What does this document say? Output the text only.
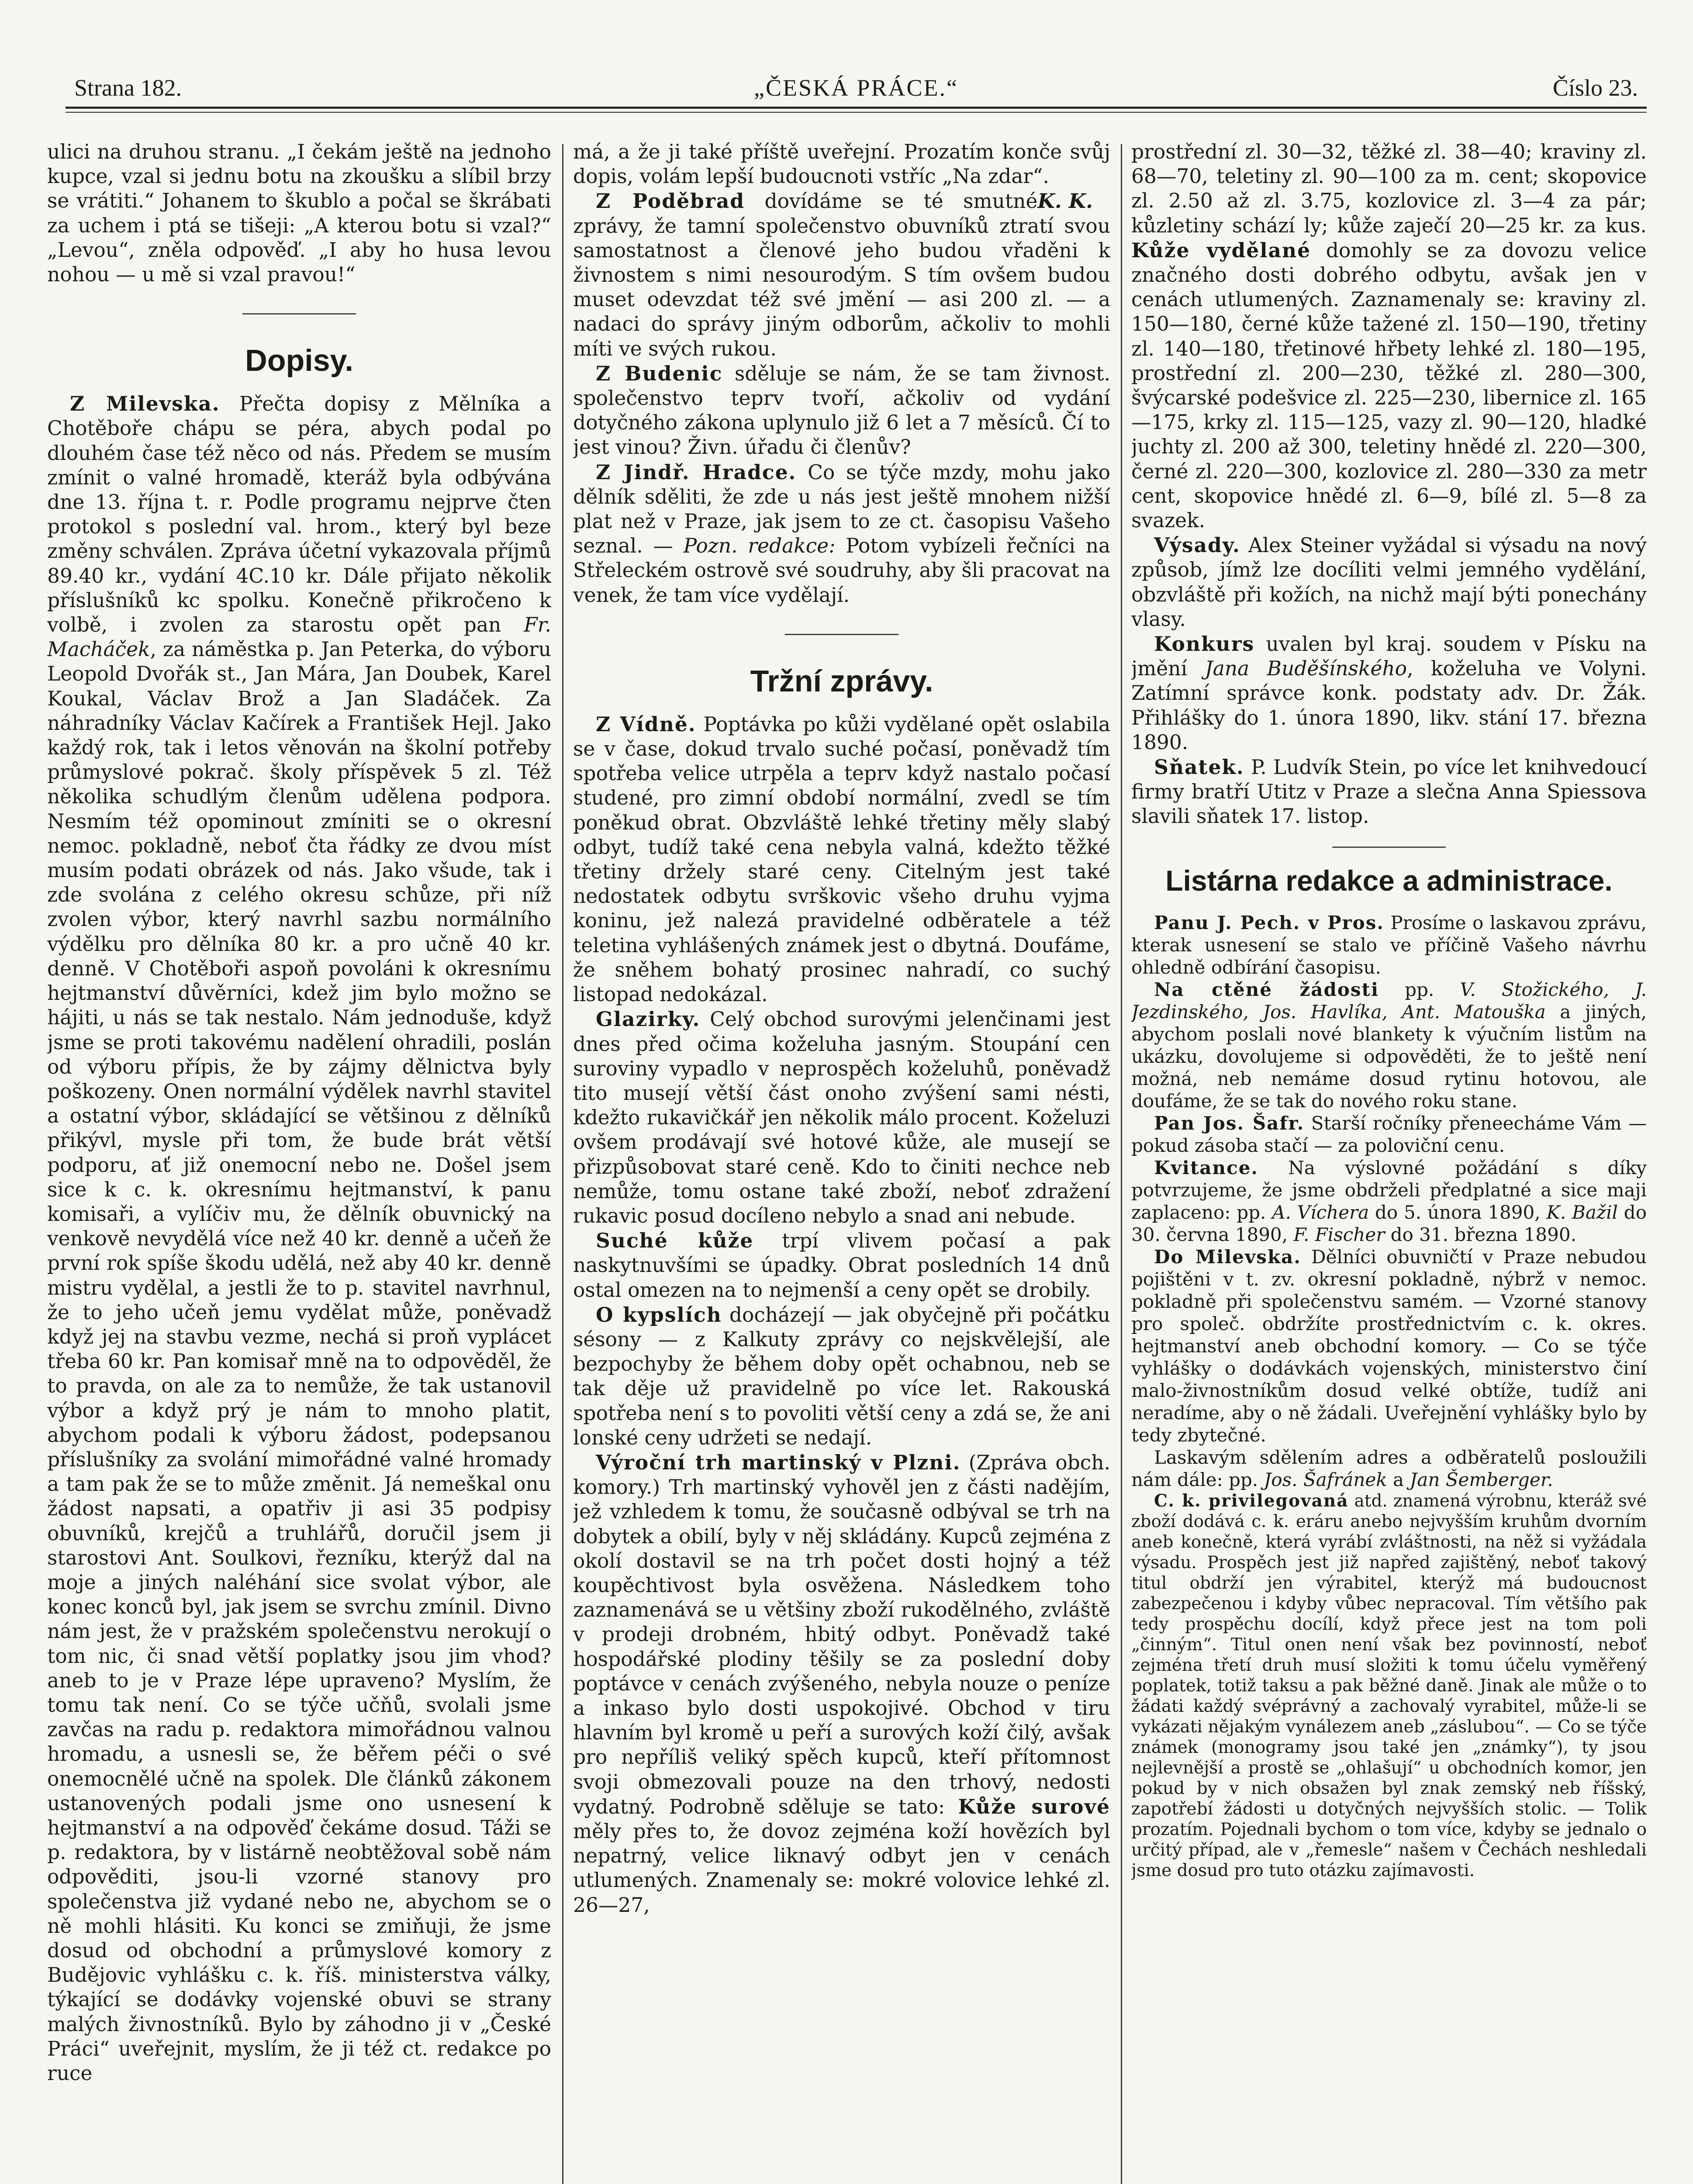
Strana 182.	„ČESKÁ PRÁCE.“	Číslo 23.

ulici na druhou stranu. „I čekám ještě na jednoho kupce, vzal si jednu botu na zkoušku a slíbil brzy se vrátiti.“ Johanem to škublo a počal se škrábati za uchem i ptá se tišeji: „A kterou botu si vzal?“ „Levou“, zněla odpověď. „I aby ho husa levou nohou — u mě si vzal pravou!“

Dopisy.

Z Milevska. Přečta dopisy z Mělníka a Chotěboře chápu se péra, abych podal po dlouhém čase též něco od nás. Předem se musím zmínit o valné hromadě, kteráž byla odbývána dne 13. října t. r. Podle programu nejprve čten protokol s poslední val. hrom., který byl beze změny schválen. Zpráva účetní vykazovala příjmů 89.40 kr., vydání 4C.10 kr. Dále přijato několik příslušníků kc spolku. Konečně přikročeno k volbě, i zvolen za starostu opět pan Fr. Macháček, za náměstka p. Jan Peterka, do výboru Leopold Dvořák st., Jan Mára, Jan Doubek, Karel Koukal, Václav Brož a Jan Sladáček. Za náhradníky Václav Kačírek a František Hejl. Jako každý rok, tak i letos věnován na školní potřeby průmyslové pokrač. školy příspěvek 5 zl. Též několika schudlým členům udělena podpora. Nesmím též opominout zmíniti se o okresní nemoc. pokladně, neboť čta řádky ze dvou míst musím podati obrázek od nás. Jako všude, tak i zde svolána z celého okresu schůze, při níž zvolen výbor, který navrhl sazbu normálního výdělku pro dělníka 80 kr. a pro učně 40 kr. denně. V Chotěboři aspoň povoláni k okresnímu hejtmanství důvěrníci, kdež jim bylo možno se hájiti, u nás se tak nestalo. Nám jednoduše, když jsme se proti takovému nadělení ohradili, poslán od výboru přípis, že by zájmy dělnictva byly poškozeny. Onen normální výdělek navrhl stavitel a ostatní výbor, skládající se většinou z dělníků přikývl, mysle při tom, že bude brát větší podporu, ať již onemocní nebo ne. Došel jsem sice k c. k. okresnímu hejtmanství, k panu komisaři, a vylíčiv mu, že dělník obuvnický na venkově nevydělá více než 40 kr. denně a učeň že první rok spíše škodu udělá, než aby 40 kr. denně mistru vydělal, a jestli že to p. stavitel navrhnul, že to jeho učeň jemu vydělat může, poněvadž když jej na stavbu vezme, nechá si proň vyplácet třeba 60 kr. Pan komisař mně na to odpověděl, že to pravda, on ale za to nemůže, že tak ustanovil výbor a když prý je nám to mnoho platit, abychom podali k výboru žádost, podepsanou příslušníky za svolání mimořádné valné hromady a tam pak že se to může změnit. Já nemeškal onu žádost napsati, a opatřiv ji asi 35 podpisy obuvníků, krejčů a truhlářů, doručil jsem ji starostovi Ant. Soulkovi, řezníku, kterýž dal na moje a jiných naléhání sice svolat výbor, ale konec konců byl, jak jsem se svrchu zmínil. Divno nám jest, že v pražském společenstvu nerokují o tom nic, či snad větší poplatky jsou jim vhod? aneb to je v Praze lépe upraveno? Myslím, že tomu tak není. Co se týče učňů, svolali jsme zavčas na radu p. redaktora mimořádnou valnou hromadu, a usnesli se, že běřem péči o své onemocnělé učně na spolek. Dle článků zákonem ustanovených podali jsme ono usnesení k hejtmanství a na odpověď čekáme dosud. Táži se p. redaktora, by v listárně neobtěžoval sobě nám odpověditi, jsou-li vzorné stanovy pro společenstva již vydané nebo ne, abychom se o ně mohli hlásiti. Ku konci se zmiňuji, že jsme dosud od obchodní a průmyslové komory z Budějovic vyhlášku c. k. říš. ministerstva války, týkající se dodávky vojenské obuvi se strany malých živnostníků. Bylo by záhodno ji v „České Práci“ uveřejnit, myslím, že ji též ct. redakce po ruce

má, a že ji také příště uveřejní. Prozatím konče svůj dopis, volám lepší budoucnoti vstříc „Na zdar“.
K. K.

Z Poděbrad dovídáme se té smutné zprávy, že tamní společenstvo obuvníků ztratí svou samostatnost a členové jeho budou vřaděni k živnostem s nimi nesourodým. S tím ovšem budou muset odevzdat též své jmění — asi 200 zl. — a nadaci do správy jiným odborům, ačkoliv to mohli míti ve svých rukou.

Z Budenic sděluje se nám, že se tam živnost. společenstvo teprv tvoří, ačkoliv od vydání dotyčného zákona uplynulo již 6 let a 7 měsíců. Čí to jest vinou? Živn. úřadu či členův?

Z Jindř. Hradce. Co se týče mzdy, mohu jako dělník sděliti, že zde u nás jest ještě mnohem nižší plat než v Praze, jak jsem to ze ct. časopisu Vašeho seznal. — Pozn. redakce: Potom vybízeli řečníci na Střeleckém ostrově své soudruhy, aby šli pracovat na venek, že tam více vydělají.

Tržní zprávy.

Z Vídně. Poptávka po kůži vydělané opět oslabila se v čase, dokud trvalo suché počasí, poněvadž tím spotřeba velice utrpěla a teprv když nastalo počasí studené, pro zimní období normální, zvedl se tím poněkud obrat. Obzvláště lehké třetiny měly slabý odbyt, tudíž také cena nebyla valná, kdežto těžké třetiny držely staré ceny. Citelným jest také nedostatek odbytu svrškovic všeho druhu vyjma koninu, jež nalezá pravidelné odběratele a též teletina vyhlášených známek jest o dbytná. Doufáme, že sněhem bohatý prosinec nahradí, co suchý listopad nedokázal.

Glazirky. Celý obchod surovými jelenčinami jest dnes před očima koželuha jasným. Stoupání cen suroviny vypadlo v neprospěch koželuhů, poněvadž tito musejí větší část onoho zvýšení sami nésti, kdežto rukavičkář jen několik málo procent. Koželuzi ovšem prodávají své hotové kůže, ale musejí se přizpůsobovat staré ceně. Kdo to činiti nechce neb nemůže, tomu ostane také zboží, neboť zdražení rukavic posud docíleno nebylo a snad ani nebude.

Suché kůže trpí vlivem počasí a pak naskytnuvšími se úpadky. Obrat posledních 14 dnů ostal omezen na to nejmenší a ceny opět se drobily.

O kypslích docházejí — jak obyčejně při počátku sésony — z Kalkuty zprávy co nejskvělejší, ale bezpochyby že během doby opět ochabnou, neb se tak děje už pravidelně po více let. Rakouská spotřeba není s to povoliti větší ceny a zdá se, že ani lonské ceny udržeti se nedají.

Výroční trh martinský v Plzni. (Zpráva obch. komory.) Trh martinský vyhověl jen z části nadějím, jež vzhledem k tomu, že současně odbýval se trh na dobytek a obilí, byly v něj skládány. Kupců zejména z okolí dostavil se na trh počet dosti hojný a též koupěchtivost byla osvěžena. Následkem toho zaznamenává se u většiny zboží rukodělného, zvláště v prodeji drobném, hbitý odbyt. Poněvadž také hospodářské plodiny těšily se za poslední doby poptávce v cenách zvýšeného, nebyla nouze o peníze a inkaso bylo dosti uspokojivé. Obchod v tiru hlavním byl kromě u peří a surových koží čilý, avšak pro nepříliš veliký spěch kupců, kteří přítomnost svoji obmezovali pouze na den trhový, nedosti vydatný. Podrobně sděluje se tato: Kůže surové měly přes to, že dovoz zejména koží hovězích byl nepatrný, velice liknavý odbyt jen v cenách utlumených. Znamenaly se: mokré volovice lehké zl. 26—27,

prostřední zl. 30—32, těžké zl. 38—40; kraviny zl. 68—70, teletiny zl. 90—100 za m. cent; skopovice zl. 2.50 až zl. 3.75, kozlovice zl. 3—4 za pár; kůzletiny schází ly; kůže zaječí 20—25 kr. za kus. Kůže vydělané domohly se za dovozu velice značného dosti dobrého odbytu, avšak jen v cenách utlumených. Zaznamenaly se: kraviny zl. 150—180, černé kůže tažené zl. 150—190, třetiny zl. 140—180, třetinové hřbety lehké zl. 180—195, prostřední zl. 200—230, těžké zl. 280—300, švýcarské podešvice zl. 225—230, libernice zl. 165—175, krky zl. 115—125, vazy zl. 90—120, hladké juchty zl. 200 až 300, teletiny hnědé zl. 220—300, černé zl. 220—300, kozlovice zl. 280—330 za metr cent, skopovice hnědé zl. 6—9, bílé zl. 5—8 za svazek.

Výsady. Alex Steiner vyžádal si výsadu na nový způsob, jímž lze docíliti velmi jemného vydělání, obzvláště při kožích, na nichž mají býti ponechány vlasy.

Konkurs uvalen byl kraj. soudem v Písku na jmění Jana Buděšínského, koželuha ve Volyni. Zatímní správce konk. podstaty adv. Dr. Žák. Přihlášky do 1. února 1890, likv. stání 17. března 1890.

Sňatek. P. Ludvík Stein, po více let knihvedoucí firmy bratří Utitz v Praze a slečna Anna Spiessova slavili sňatek 17. listop.

Listárna redakce a administrace.

Panu J. Pech. v Pros. Prosíme o laskavou zprávu, kterak usnesení se stalo ve příčině Vašeho návrhu ohledně odbírání časopisu.

Na ctěné žádosti pp. V. Stožického, J. Jezdinského, Jos. Havlíka, Ant. Matouška a jiných, abychom poslali nové blankety k výučním listům na ukázku, dovolujeme si odpověděti, že to ještě není možná, neb nemáme dosud rytinu hotovou, ale doufáme, že se tak do nového roku stane.

Pan Jos. Šafr. Starší ročníky přeneecháme Vám — pokud zásoba stačí — za poloviční cenu.

Kvitance. Na výslovné požádání s díky potvrzujeme, že jsme obdrželi předplatné a sice maji zaplaceno: pp. A. Víchera do 5. února 1890, K. Bažil do 30. června 1890, F. Fischer do 31. března 1890.

Do Milevska. Dělníci obuvničtí v Praze nebudou pojištěni v t. zv. okresní pokladně, nýbrž v nemoc. pokladně při společenstvu samém. — Vzorné stanovy pro společ. obdržíte prostřednictvím c. k. okres. hejtmanství aneb obchodní komory. — Co se týče vyhlášky o dodávkách vojenských, ministerstvo činí malo-živnostníkům dosud velké obtíže, tudíž ani neradíme, aby o ně žádali. Uveřejnění vyhlášky bylo by tedy zbytečné.

Laskavým sdělením adres a odběratelů posloužili nám dále: pp. Jos. Šafránek a Jan Šemberger.

C. k. privilegovaná atd. znamená výrobnu, kteráž své zboží dodává c. k. eráru anebo nejvyšším kruhům dvorním aneb konečně, která vyrábí zvláštnosti, na něž si vyžádala výsadu. Prospěch jest již napřed zajištěný, neboť takový titul obdrží jen výrabitel, kterýž má budoucnost zabezpečenou i kdyby vůbec nepracoval. Tím většího pak tedy prospěchu docílí, když přece jest na tom poli „činným“. Titul onen není však bez povinností, neboť zejména třetí druh musí složiti k tomu účelu vyměřený poplatek, totiž taksu a pak běžné daně. Jinak ale může o to žádati každý svéprávný a zachovalý vyrabitel, může-li se vykázati nějakým vynálezem aneb „záslubou“. — Co se týče známek (monogramy jsou také jen „známky“), ty jsou nejlevnější a prostě se „ohlašují“ u obchodních komor, jen pokud by v nich obsažen byl znak zemský neb říšský, zapotřebí žádosti u dotyčných nejvyšších stolic. — Tolik prozatím. Pojednali bychom o tom více, kdyby se jednalo o určitý případ, ale v „řemesle“ našem v Čechách neshledali jsme dosud pro tuto otázku zajímavosti.
